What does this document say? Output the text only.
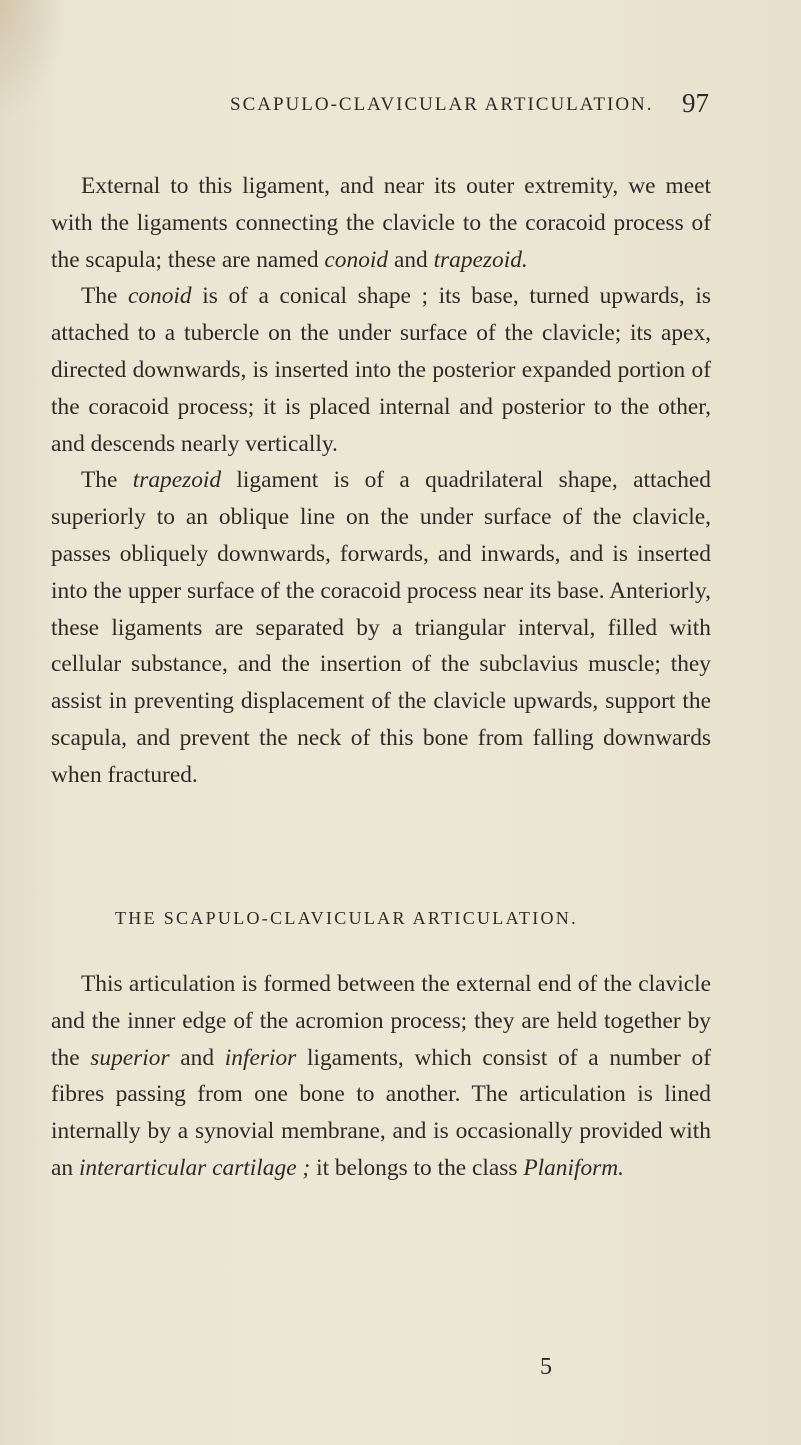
SCAPULO-CLAVICULAR ARTICULATION. 97

External to this ligament, and near its outer extremity, we meet with the ligaments connecting the clavicle to the coracoid process of the scapula; these are named conoid and trapezoid.

The conoid is of a conical shape ; its base, turned upwards, is attached to a tubercle on the under surface of the clavicle; its apex, directed downwards, is inserted into the posterior expanded portion of the coracoid process; it is placed internal and posterior to the other, and descends nearly vertically.

The trapezoid ligament is of a quadrilateral shape, attached superiorly to an oblique line on the under surface of the clavicle, passes obliquely downwards, forwards, and inwards, and is inserted into the upper surface of the coracoid process near its base. Anteriorly, these ligaments are separated by a triangular interval, filled with cellular substance, and the insertion of the subclavius muscle; they assist in preventing displacement of the clavicle upwards, support the scapula, and prevent the neck of this bone from falling downwards when fractured.

THE SCAPULO-CLAVICULAR ARTICULATION.

This articulation is formed between the external end of the clavicle and the inner edge of the acromion process; they are held together by the superior and inferior ligaments, which consist of a number of fibres passing from one bone to another. The articulation is lined internally by a synovial membrane, and is occasionally provided with an interarticular cartilage ; it belongs to the class Planiform.

5
